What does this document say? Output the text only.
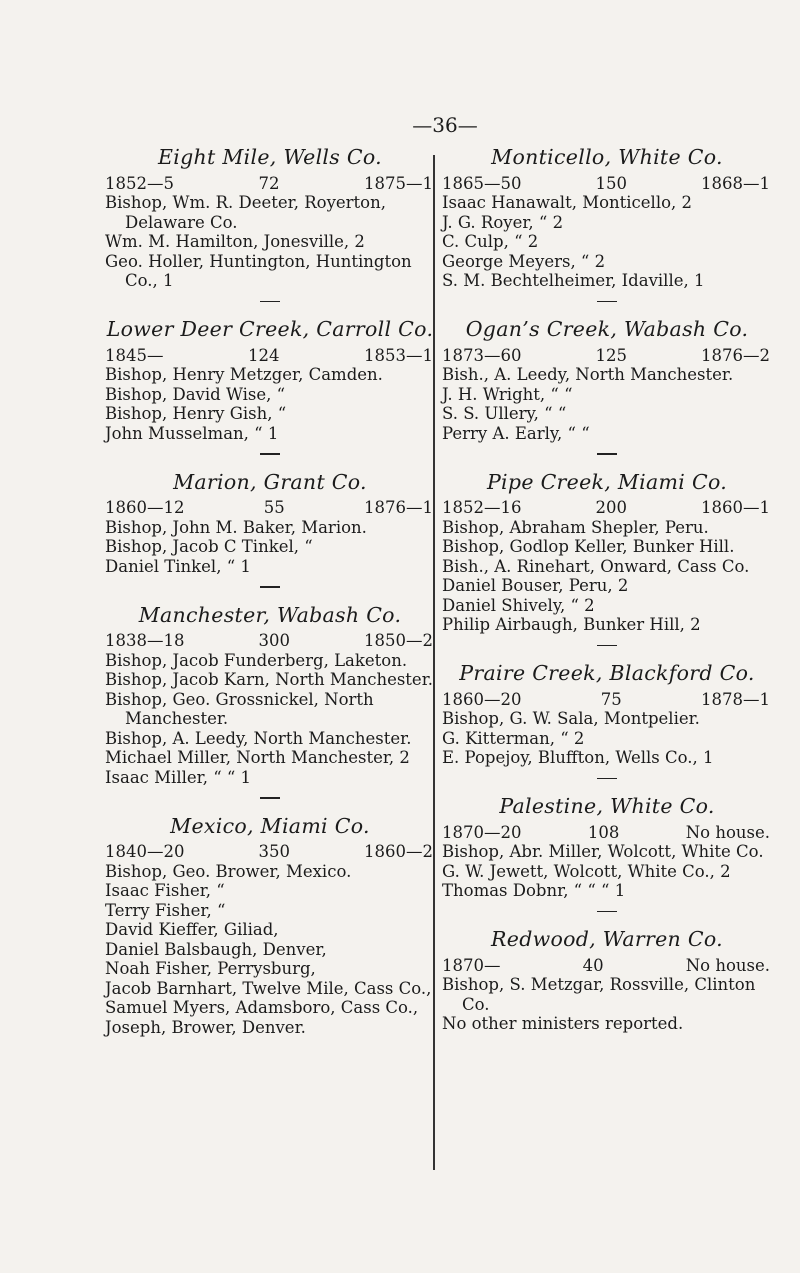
—36—
Eight Mile, Wells Co.
1852—5	72	1875—1
Bishop, Wm. R. Deeter, Royerton, Delaware Co.
Wm. M. Hamilton, Jonesville, 2
Geo. Holler, Huntington, Huntington Co., 1
Lower Deer Creek, Carroll Co.
1845—	124	1853—1
Bishop, Henry Metzger, Camden.
Bishop, David Wise, “
Bishop, Henry Gish, “
John Musselman, “ 1
Marion, Grant Co.
1860—12	55	1876—1
Bishop, John M. Baker, Marion.
Bishop, Jacob C Tinkel, “
Daniel Tinkel, “ 1
Manchester, Wabash Co.
1838—18	300	1850—2
Bishop, Jacob Funderberg, Laketon.
Bishop, Jacob Karn, North Manchester.
Bishop, Geo. Grossnickel, North Manchester.
Bishop, A. Leedy, North Manchester.
Michael Miller, North Manchester, 2
Isaac Miller, “ “ 1
Mexico, Miami Co.
1840—20	350	1860—2
Bishop, Geo. Brower, Mexico.
Isaac Fisher, “
Terry Fisher, “
David Kieffer, Giliad,
Daniel Balsbaugh, Denver,
Noah Fisher, Perrysburg,
Jacob Barnhart, Twelve Mile, Cass Co.,
Samuel Myers, Adamsboro, Cass Co.,
Joseph, Brower, Denver.
Monticello, White Co.
1865—50	150	1868—1
Isaac Hanawalt, Monticello, 2
J. G. Royer, “ 2
C. Culp, “ 2
George Meyers, “ 2
S. M. Bechtelheimer, Idaville, 1
Ogan’s Creek, Wabash Co.
1873—60	125	1876—2
Bish., A. Leedy, North Manchester.
J. H. Wright, “ “
S. S. Ullery, “ “
Perry A. Early, “ “
Pipe Creek, Miami Co.
1852—16	200	1860—1
Bishop, Abraham Shepler, Peru.
Bishop, Godlop Keller, Bunker Hill.
Bish., A. Rinehart, Onward, Cass Co.
Daniel Bouser, Peru, 2
Daniel Shively, “ 2
Philip Airbaugh, Bunker Hill, 2
Praire Creek, Blackford Co.
1860—20	75	1878—1
Bishop, G. W. Sala, Montpelier.
G. Kitterman, “ 2
E. Popejoy, Bluffton, Wells Co., 1
Palestine, White Co.
1870—20	108	No house.
Bishop, Abr. Miller, Wolcott, White Co.
G. W. Jewett, Wolcott, White Co., 2
Thomas Dobnr, “ “ “ 1
Redwood, Warren Co.
1870—	40	No house.
Bishop, S. Metzgar, Rossville, Clinton Co.
No other ministers reported.
